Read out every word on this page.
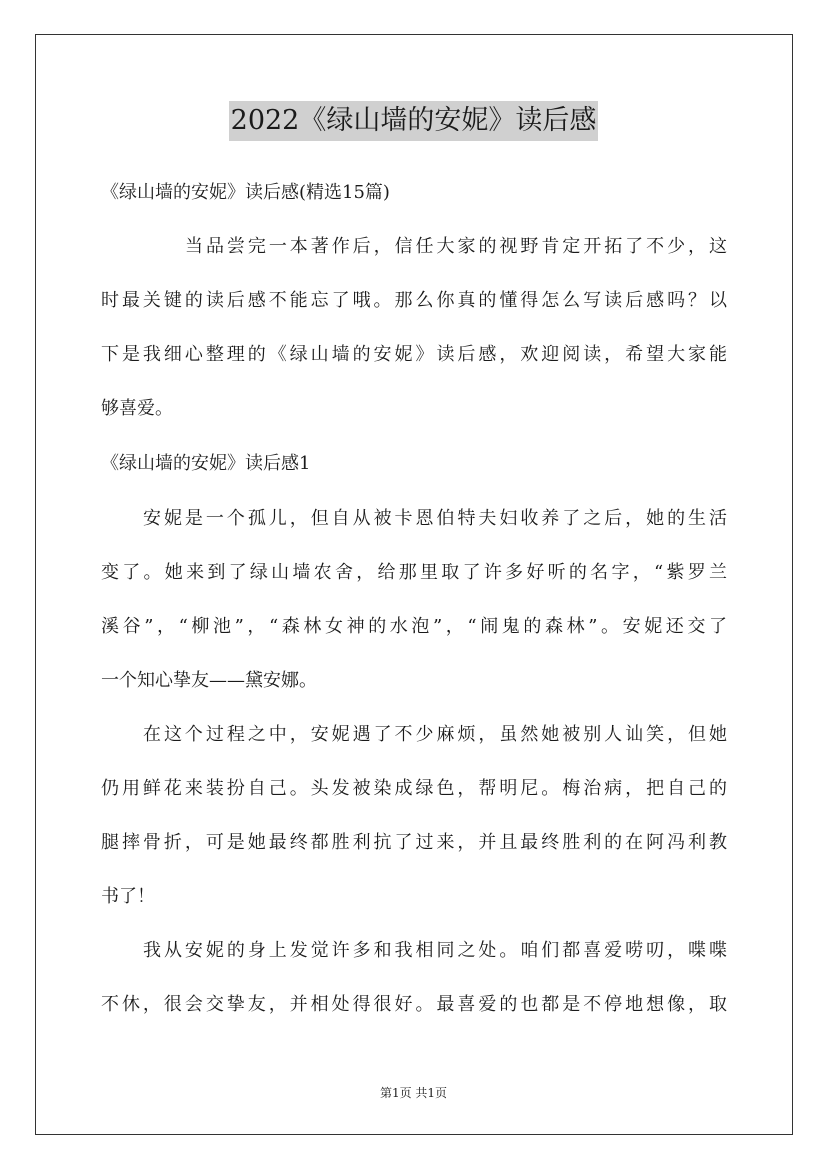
2022《绿山墙的安妮》读后感
《绿山墙的安妮》读后感(精选15篇)
当品尝完一本著作后，信任大家的视野肯定开拓了不少，这
时最关键的读后感不能忘了哦。那么你真的懂得怎么写读后感吗？以
下是我细心整理的《绿山墙的安妮》读后感，欢迎阅读，希望大家能
够喜爱。
《绿山墙的安妮》读后感1
安妮是一个孤儿，但自从被卡恩伯特夫妇收养了之后，她的生活
变了。她来到了绿山墙农舍，给那里取了许多好听的名字，“紫罗兰
溪谷”，“柳池”，“森林女神的水泡”，“闹鬼的森林”。安妮还交了
一个知心挚友——黛安娜。
在这个过程之中，安妮遇了不少麻烦，虽然她被别人讪笑，但她
仍用鲜花来装扮自己。头发被染成绿色，帮明尼。梅治病，把自己的
腿摔骨折，可是她最终都胜利抗了过来，并且最终胜利的在阿冯利教
书了！
我从安妮的身上发觉许多和我相同之处。咱们都喜爱唠叨，喋喋
不休，很会交挚友，并相处得很好。最喜爱的也都是不停地想像，取
第1页 共1页
